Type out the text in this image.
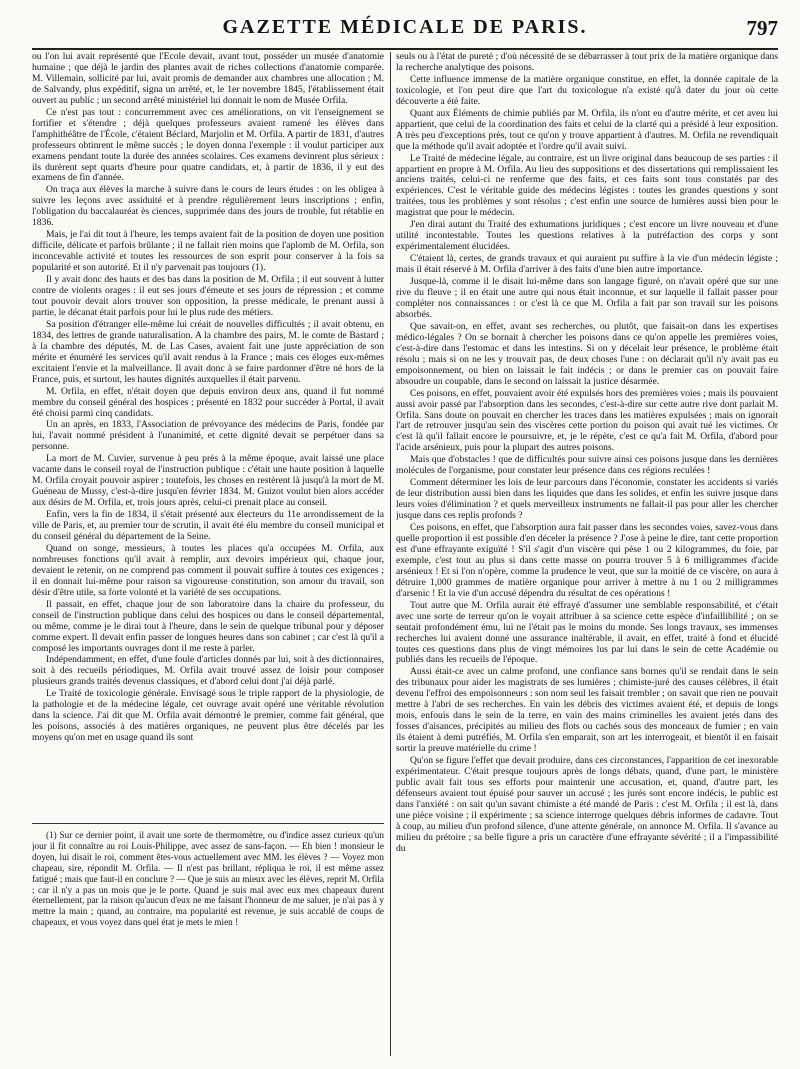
GAZETTE MÉDICALE DE PARIS.	797

ou l'on lui avait représenté que l'École devait, avant tout, posséder un musée d'anatomie humaine ; que déjà le jardin des plantes avait de riches collections d'anatomie comparée. M. Villemain, sollicité par lui, avait promis de demander aux chambres une allocation ; M. de Salvandy, plus expéditif, signa un arrêté, et, le 1er novembre 1845, l'établissement était ouvert au public ; un second arrêté ministériel lui donnait le nom de Musée Orfila.

Ce n'est pas tout : concurremment avec ces améliorations, on vit l'enseignement se fortifier et s'étendre ; déjà quelques professeurs avaient ramené les élèves dans l'amphithéâtre de l'École, c'étaient Béclard, Marjolin et M. Orfila. A partir de 1831, d'autres professeurs obtinrent le même succès ; le doyen donna l'exemple : il voulut participer aux examens pendant toute la durée des années scolaires. Ces examens devinrent plus sérieux : ils durèrent sept quarts d'heure pour quatre candidats, et, à partir de 1836, il y eut des examens de fin d'année.

On traça aux élèves la marche à suivre dans le cours de leurs études : on les obligea à suivre les leçons avec assiduité et à prendre régulièrement leurs inscriptions ; enfin, l'obligation du baccalauréat ès ciences, supprimée dans des jours de trouble, fut rétablie en 1836.

Mais, je l'ai dit tout à l'heure, les temps avaient fait de la position de doyen une position difficile, délicate et parfois brûlante ; il ne fallait rien moins que l'aplomb de M. Orfila, son inconcevable activité et toutes les ressources de son esprit pour conserver à la fois sa popularité et son autorité. Et il n'y parvenait pas toujours (1).

Il y avait donc des hauts et des bas dans la position de M. Orfila ; il eut souvent à lutter contre de violents orages : il eut ses jours d'émeute et ses jours de répression ; et comme tout pouvoir devait alors trouver son opposition, la presse médicale, le prenant aussi à partie, le décanat était parfois pour lui le plus rude des métiers.

Sa position d'étranger elle-même lui créait de nouvelles difficultés ; il avait obtenu, en 1834, des lettres de grande naturalisation. A la chambre des pairs, M. le comte de Bastard ; à la chambre des députés, M. de Las Cases, avaient fait une juste appréciation de son mérite et énuméré les services qu'il avait rendus à la France ; mais ces éloges eux-mêmes excitaient l'envie et la malveillance. Il avait donc à se faire pardonner d'être né hors de la France, puis, et surtout, les hautes dignités auxquelles il était parvenu.

M. Orfila, en effet, n'était doyen que depuis environ deux ans, quand il fut nommé membre du conseil général des hospices ; présenté en 1832 pour succéder à Portal, il avait été choisi parmi cinq candidats.

Un an après, en 1833, l'Association de prévoyance des médecins de Paris, fondée par lui, l'avait nommé président à l'unanimité, et cette dignité devait se perpétuer dans sa personne.

La mort de M. Cuvier, survenue à peu près à la même époque, avait laissé une place vacante dans le conseil royal de l'instruction publique : c'était une haute position à laquelle M. Orfila croyait pouvoir aspirer ; toutefois, les choses en restèrent là jusqu'à la mort de M. Guéneau de Mussy, c'est-à-dire jusqu'en février 1834. M. Guizot voulut bien alors accéder aux désirs de M. Orfila, et, trois jours après, celui-ci prenait place au conseil.

Enfin, vers la fin de 1834, il s'était présenté aux électeurs du 11e arrondissement de la ville de Paris, et, au premier tour de scrutin, il avait été élu membre du conseil municipal et du conseil général du département de la Seine.

Quand on songe, messieurs, à toutes les places qu'a occupées M. Orfila, aux nombreuses fonctions qu'il avait à remplir, aux devoirs impérieux qui, chaque jour, devaient le retenir, on ne comprend pas comment il pouvait suffire à toutes ces exigences ; il en donnait lui-même pour raison sa vigoureuse constitution, son amour du travail, son désir d'être utile, sa forte volonté et la variété de ses occupations.

Il passait, en effet, chaque jour de son laboratoire dans la chaire du professeur, du conseil de l'instruction publique dans celui des hospices ou dans le conseil départemental, ou même, comme je le dirai tout à l'heure, dans le sein de quelque tribunal pour y déposer comme expert. Il devait enfin passer de longues heures dans son cabinet ; car c'est là qu'il a composé les importants ouvrages dont il me reste à parler.

Indépendamment, en effet, d'une foule d'articles donnés par lui, soit à des dictionnaires, soit à des recueils périodiques, M. Orfila avait trouvé assez de loisir pour composer plusieurs grands traités devenus classiques, et d'abord celui dont j'ai déjà parlé.

Le Traité de toxicologie générale. Envisagé sous le triple rapport de la physiologie, de la pathologie et de la médecine légale, cet ouvrage avait opéré une véritable révolution dans la science. J'ai dit que M. Orfila avait démontré le premier, comme fait général, que les poisons, associés à des matières organiques, ne peuvent plus être décelés par les moyens qu'on met en usage quand ils sont

seuls ou à l'état de pureté ; d'où nécessité de se débarrasser à tout prix de la matière organique dans la recherche analytique des poisons.

Cette influence immense de la matière organique constitue, en effet, la donnée capitale de la toxicologie, et l'on peut dire que l'art du toxicologue n'a existé qu'à dater du jour où cette découverte a été faite.

Quant aux Éléments de chimie publiés par M. Orfila, ils n'ont eu d'autre mérite, et cet aveu lui appartient, que celui de la coordination des faits et celui de la clarté qui a présidé à leur exposition. A très peu d'exceptions près, tout ce qu'on y trouve appartient à d'autres. M. Orfila ne revendiquait que la méthode qu'il avait adoptée et l'ordre qu'il avait suivi.

Le Traité de médecine légale, au contraire, est un livre original dans beaucoup de ses parties : il appartient en propre à M. Orfila. Au lieu des suppositions et des dissertations qui remplissaient les anciens traités, celui-ci ne renferme que des faits, et ces faits sont tous constatés par des expériences. C'est le véritable guide des médecins légistes : toutes les grandes questions y sont traitées, tous les problèmes y sont résolus ; c'est enfin une source de lumières aussi bien pour le magistrat que pour le médecin.

J'en dirai autant du Traité des exhumations juridiques ; c'est encore un livre nouveau et d'une utilité incontestable. Toutes les questions relatives à la putréfaction des corps y sont expérimentalement élucidées.

C'étaient là, certes, de grands travaux et qui auraient pu suffire à la vie d'un médecin légiste ; mais il était réservé à M. Orfila d'arriver à des faits d'une bien autre importance.

Jusque-là, comme il le disait lui-même dans son langage figuré, on n'avait opéré que sur une rive du fleuve ; il en était une autre qui nous était inconnue, et sur laquelle il fallait passer pour compléter nos connaissances : or c'est là ce que M. Orfila a fait par son travail sur les poisons absorbés.

Que savait-on, en effet, avant ses recherches, ou plutôt, que faisait-on dans les expertises médico-légales ? On se bornait à chercher les poisons dans ce qu'on appelle les premières voies, c'est-à-dire dans l'estomac et dans les intestins. Si on y décelait leur présence, le problème était résolu ; mais si on ne les y trouvait pas, de deux choses l'une : on déclarait qu'il n'y avait pas eu empoisonnement, ou bien on laissait le fait indécis ; or dans le premier cas on pouvait faire absoudre un coupable, dans le second on laissait la justice désarmée.

Ces poisons, en effet, pouvaient avoir été expulsés hors des premières voies ; mais ils pouvaient aussi avoir passé par l'absorption dans les secondes, c'est-à-dire sur cette autre rive dont parlait M. Orfila. Sans doute on pouvait en chercher les traces dans les matières expulsées ; mais on ignorait l'art de retrouver jusqu'au sein des viscères cette portion du poison qui avait tué les victimes. Or c'est là qu'il fallait encore le poursuivre, et, je le répète, c'est ce qu'a fait M. Orfila, d'abord pour l'acide arsénieux, puis pour la plupart des autres poisons.

Mais que d'obstacles ! que de difficultés pour suivre ainsi ces poisons jusque dans les dernières molécules de l'organisme, pour constater leur présence dans ces régions reculées !

Comment déterminer les lois de leur parcours dans l'économie, constater les accidents si variés de leur distribution aussi bien dans les liquides que dans les solides, et enfin les suivre jusque dans leurs voies d'élimination ? et quels merveilleux instruments ne fallait-il pas pour aller les chercher jusque dans ces replis profonds ?

Ces poisons, en effet, que l'absorption aura fait passer dans les secondes voies, savez-vous dans quelle proportion il est possible d'en déceler la présence ? J'ose à peine le dire, tant cette proportion est d'une effrayante exiguïté ! S'il s'agit d'un viscère qui pèse 1 ou 2 kilogrammes, du foie, par exemple, c'est tout au plus si dans cette masse on pourra trouver 5 à 6 milligrammes d'acide arsénieux ! Et si l'on n'opère, comme la prudence le veut, que sur la moitié de ce viscère, on aura à détruire 1,000 grammes de matière organique pour arriver à mettre à nu 1 ou 2 milligrammes d'arsenic ! Et la vie d'un accusé dépendra du résultat de ces opérations !

Tout autre que M. Orfila aurait été effrayé d'assumer une semblable responsabilité, et c'était avec une sorte de terreur qu'on le voyait attribuer à sa science cette espèce d'infaillibilité ; on se sentait profondément ému, lui ne l'était pas le moins du monde. Ses longs travaux, ses immenses recherches lui avaient donné une assurance inaltérable, il avait, en effet, traité à fond et élucidé toutes ces questions dans plus de vingt mémoires lus par lui dans le sein de cette Académie ou publiés dans les recueils de l'époque.

Aussi était-ce avec un calme profond, une confiance sans bornes qu'il se rendait dans le sein des tribunaux pour aider les magistrats de ses lumières ; chimiste-juré des causes célèbres, il était devenu l'effroi des empoisonneurs : son nom seul les faisait trembler ; on savait que rien ne pouvait mettre à l'abri de ses recherches. En vain les débris des victimes avaient été, et depuis de longs mois, enfouis dans le sein de la terre, en vain des mains criminelles les avaient jetés dans des fosses d'aisances, précipités au milieu des flots ou cachés sous des monceaux de fumier ; en vain ils étaient à demi putréfiés, M. Orfila s'en emparait, son art les interrogeait, et bientôt il en faisait sortir la preuve matérielle du crime !

Qu'on se figure l'effet que devait produire, dans ces circonstances, l'apparition de cet inexorable expérimentateur. C'était presque toujours après de longs débats, quand, d'une part, le ministère public avait fait tous ses efforts pour maintenir une accusation, et, quand, d'autre part, les défenseurs avaient tout épuisé pour sauver un accusé ; les jurés sont encore indécis, le public est dans l'anxiété : on sait qu'un savant chimiste a été mandé de Paris : c'est M. Orfila ; il est là, dans une pièce voisine ; il expérimente ; sa science interroge quelques débris informes de cadavre. Tout à coup, au milieu d'un profond silence, d'une attente générale, on annonce M. Orfila. Il s'avance au milieu du prétoire ; sa belle figure a pris un caractère d'une effrayante sévérité ; il a l'impassibilité du

(1) Sur ce dernier point, il avait une sorte de thermomètre, ou d'indice assez curieux qu'un jour il fit connaître au roi Louis-Philippe, avec assez de sans-façon. — Eh bien ! monsieur le doyen, lui disait le roi, comment êtes-vous actuellement avec MM. les élèves ? — Voyez mon chapeau, sire, répondit M. Orfila. — Il n'est pas brillant, répliqua le roi, il est même assez fatigué ; mais que faut-il en conclure ? — Que je suis au mieux avec les élèves, reprit M. Orfila ; car il n'y a pas un mois que je le porte. Quand je suis mal avec eux mes chapeaux durent éternellement, par la raison qu'aucun d'eux ne me faisant l'honneur de me saluer, je n'ai pas à y mettre la main ; quand, au contraire, ma popularité est revenue, je suis accablé de coups de chapeaux, et vous voyez dans quel état je mets le mien !
